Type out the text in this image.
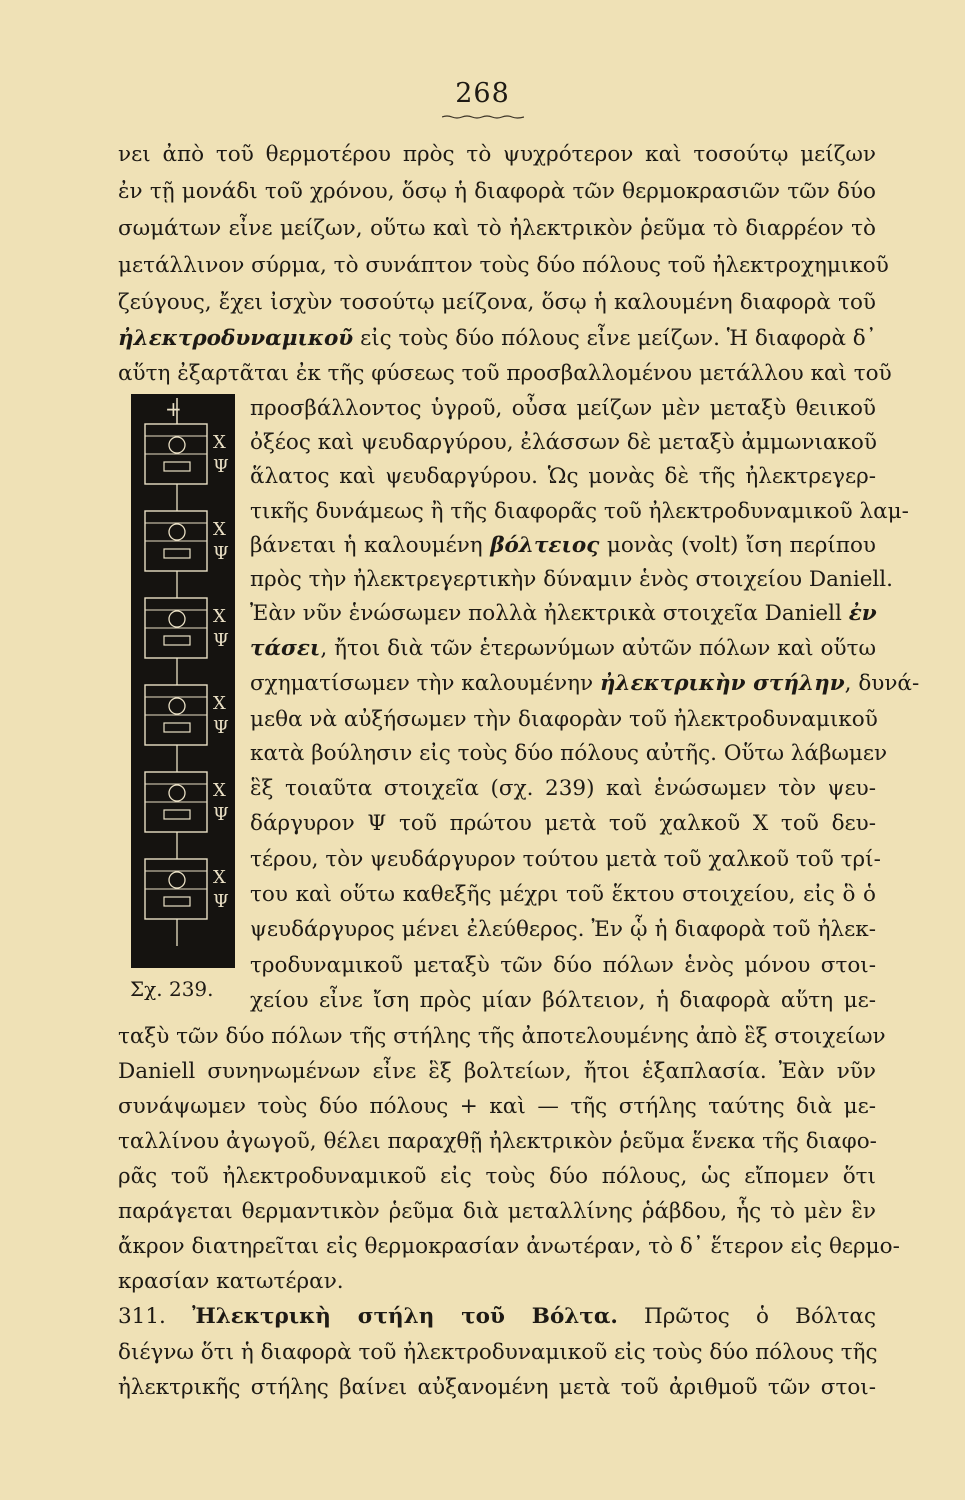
268
νει ἀπὸ τοῦ θερμοτέρου πρὸς τὸ ψυχρότερον καὶ τοσούτῳ μείζων
ἐν τῇ μονάδι τοῦ χρόνου, ὅσῳ ἡ διαφορὰ τῶν θερμοκρασιῶν τῶν δύο
σωμάτων εἶνε μείζων, οὕτω καὶ τὸ ἠλεκτρικὸν ῥεῦμα τὸ διαρρέον τὸ
μετάλλινον σύρμα, τὸ συνάπτον τοὺς δύο πόλους τοῦ ἠλεκτροχημικοῦ
ζεύγους, ἔχει ἰσχὺν τοσούτῳ μείζονα, ὅσῳ ἡ καλουμένη διαφορὰ τοῦ
ἠλεκτροδυναμικοῦ εἰς τοὺς δύο πόλους εἶνε μείζων. Ἡ διαφορὰ δ᾽
αὕτη ἐξαρτᾶται ἐκ τῆς φύσεως τοῦ προσβαλλομένου μετάλλου καὶ τοῦ
+
Χ
Ψ
Χ
Ψ
Χ
Ψ
Χ
Ψ
Χ
Ψ
Χ
Ψ
προσβάλλοντος ὑγροῦ, οὖσα μείζων μὲν μεταξὺ θειικοῦ
ὀξέος καὶ ψευδαργύρου, ἐλάσσων δὲ μεταξὺ ἀμμωνιακοῦ
ἅλατος καὶ ψευδαργύρου. Ὡς μονὰς δὲ τῆς ἠλεκτρεγερ-
τικῆς δυνάμεως ἢ τῆς διαφορᾶς τοῦ ἠλεκτροδυναμικοῦ λαμ-
βάνεται ἡ καλουμένη βόλτειος μονὰς (volt) ἴση περίπου
πρὸς τὴν ἠλεκτρεγερτικὴν δύναμιν ἑνὸς στοιχείου Daniell.
Ἐὰν νῦν ἑνώσωμεν πολλὰ ἠλεκτρικὰ στοιχεῖα Daniell ἐν
τάσει, ἤτοι διὰ τῶν ἑτερωνύμων αὐτῶν πόλων καὶ οὕτω
σχηματίσωμεν τὴν καλουμένην ἠλεκτρικὴν στήλην, δυνά-
μεθα νὰ αὐξήσωμεν τὴν διαφορὰν τοῦ ἠλεκτροδυναμικοῦ
κατὰ βούλησιν εἰς τοὺς δύο πόλους αὐτῆς. Οὕτω λάβωμεν
ἓξ τοιαῦτα στοιχεῖα (σχ. 239) καὶ ἑνώσωμεν τὸν ψευ-
δάργυρον Ψ τοῦ πρώτου μετὰ τοῦ χαλκοῦ Χ τοῦ δευ-
τέρου, τὸν ψευδάργυρον τούτου μετὰ τοῦ χαλκοῦ τοῦ τρί-
του καὶ οὕτω καθεξῆς μέχρι τοῦ ἕκτου στοιχείου, εἰς ὃ ὁ
ψευδάργυρος μένει ἐλεύθερος. Ἐν ᾧ ἡ διαφορὰ τοῦ ἠλεκ-
τροδυναμικοῦ μεταξὺ τῶν δύο πόλων ἑνὸς μόνου στοι-
χείου εἶνε ἴση πρὸς μίαν βόλτειον, ἡ διαφορὰ αὕτη με-
Σχ. 239.
ταξὺ τῶν δύο πόλων τῆς στήλης τῆς ἀποτελουμένης ἀπὸ ἓξ στοιχείων
Daniell συνηνωμένων εἶνε ἓξ βολτείων, ἤτοι ἑξαπλασία. Ἐὰν νῦν
συνάψωμεν τοὺς δύο πόλους + καὶ — τῆς στήλης ταύτης διὰ με-
ταλλίνου ἀγωγοῦ, θέλει παραχθῇ ἠλεκτρικὸν ῥεῦμα ἕνεκα τῆς διαφο-
ρᾶς τοῦ ἠλεκτροδυναμικοῦ εἰς τοὺς δύο πόλους, ὡς εἴπομεν ὅτι
παράγεται θερμαντικὸν ῥεῦμα διὰ μεταλλίνης ῥάβδου, ἧς τὸ μὲν ἓν
ἄκρον διατηρεῖται εἰς θερμοκρασίαν ἀνωτέραν, τὸ δ᾽ ἕτερον εἰς θερμο-
κρασίαν κατωτέραν.
311. Ἠλεκτρικὴ στήλη τοῦ Βόλτα. Πρῶτος ὁ Βόλτας
διέγνω ὅτι ἡ διαφορὰ τοῦ ἠλεκτροδυναμικοῦ εἰς τοὺς δύο πόλους τῆς
ἠλεκτρικῆς στήλης βαίνει αὐξανομένη μετὰ τοῦ ἀριθμοῦ τῶν στοι-
